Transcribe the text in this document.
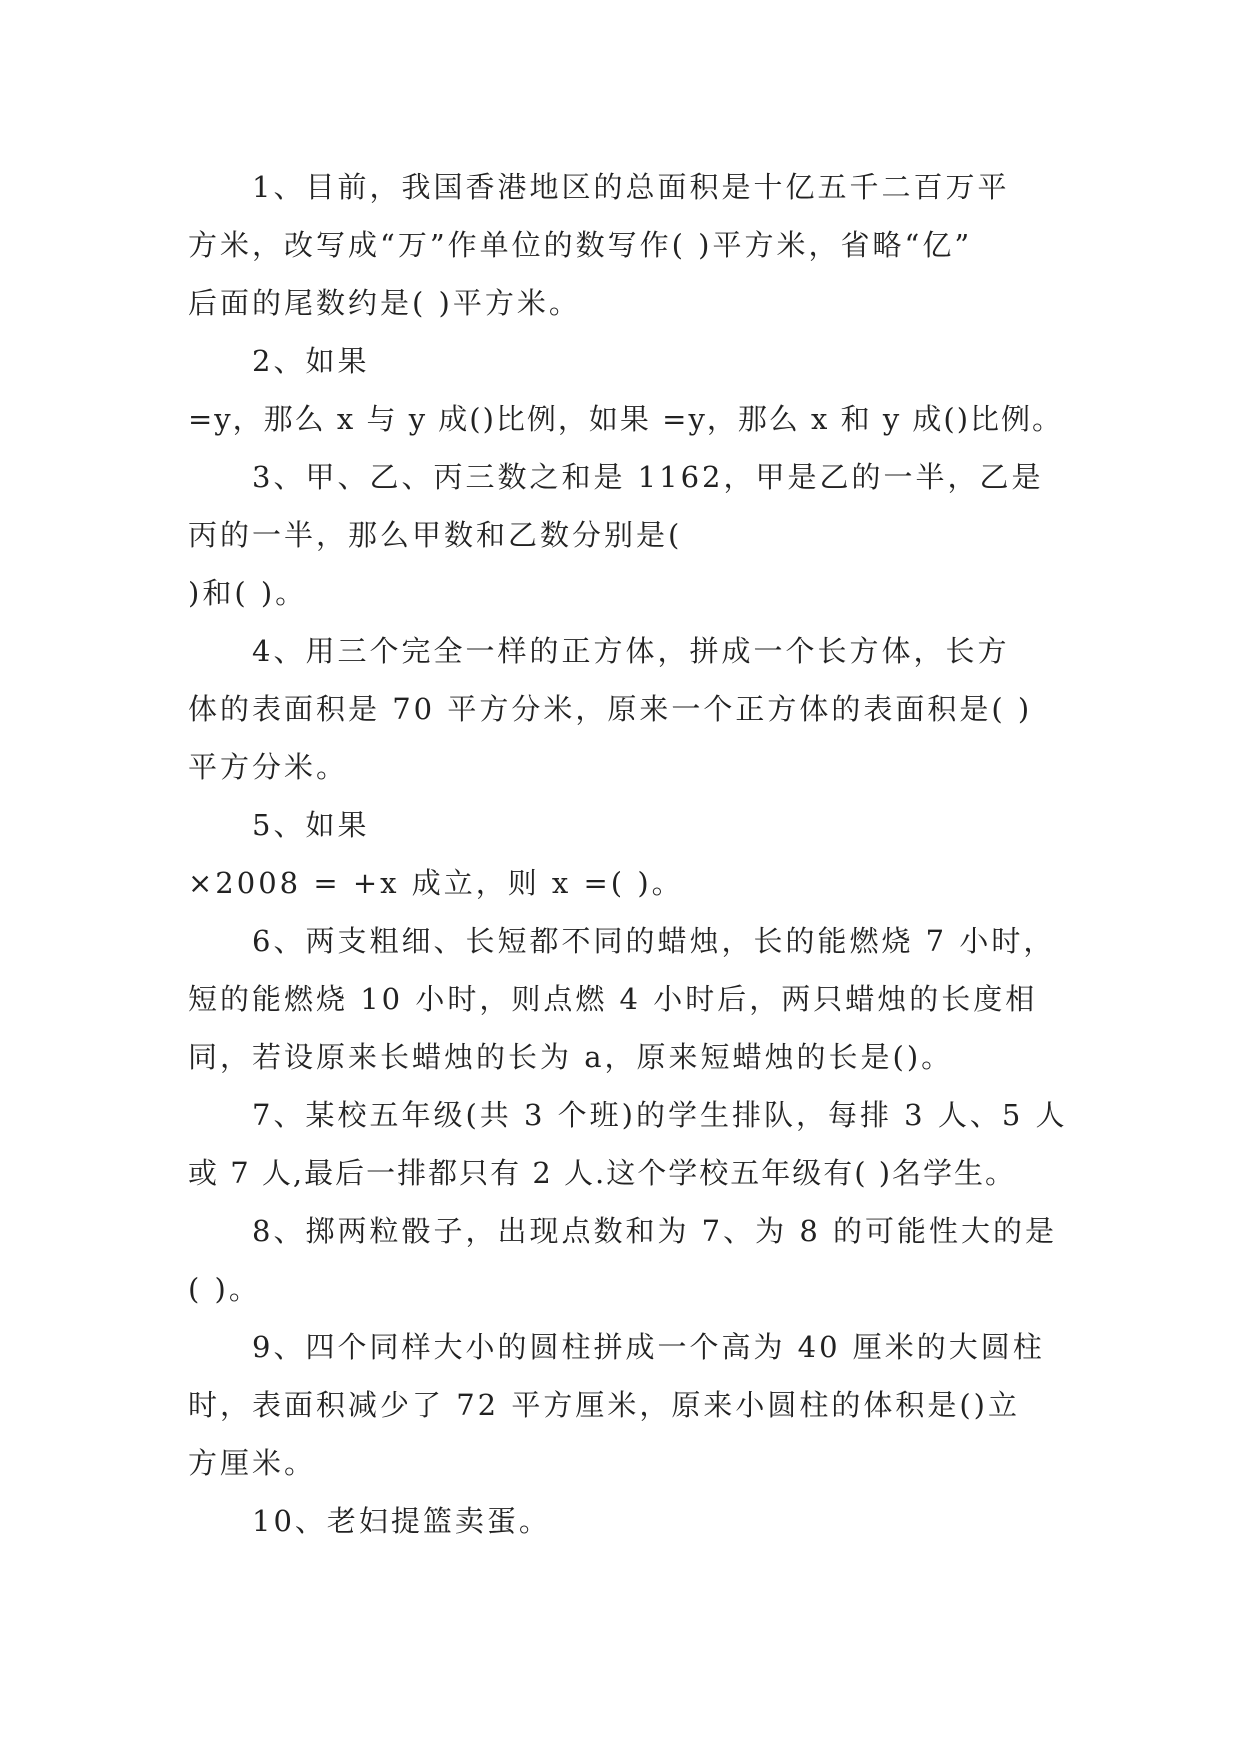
1、目前，我国香港地区的总面积是十亿五千二百万平
方米，改写成“万”作单位的数写作( )平方米，省略“亿”
后面的尾数约是( )平方米。
2、如果
=y，那么 x 与 y 成()比例，如果 =y，那么 x 和 y 成()比例。
3、甲、乙、丙三数之和是 1162，甲是乙的一半，乙是
丙的一半，那么甲数和乙数分别是(
)和( )。
4、用三个完全一样的正方体，拼成一个长方体，长方
体的表面积是 70 平方分米，原来一个正方体的表面积是( )
平方分米。
5、如果
×2008 = +x 成立，则 x =( )。
6、两支粗细、长短都不同的蜡烛，长的能燃烧 7 小时，
短的能燃烧 10 小时，则点燃 4 小时后，两只蜡烛的长度相
同，若设原来长蜡烛的长为 a，原来短蜡烛的长是()。
7、某校五年级(共 3 个班)的学生排队，每排 3 人、5 人
或 7 人,最后一排都只有 2 人.这个学校五年级有( )名学生。
8、掷两粒骰子，出现点数和为 7、为 8 的可能性大的是
( )。
9、四个同样大小的圆柱拼成一个高为 40 厘米的大圆柱
时，表面积减少了 72 平方厘米，原来小圆柱的体积是()立
方厘米。
10、老妇提篮卖蛋。
